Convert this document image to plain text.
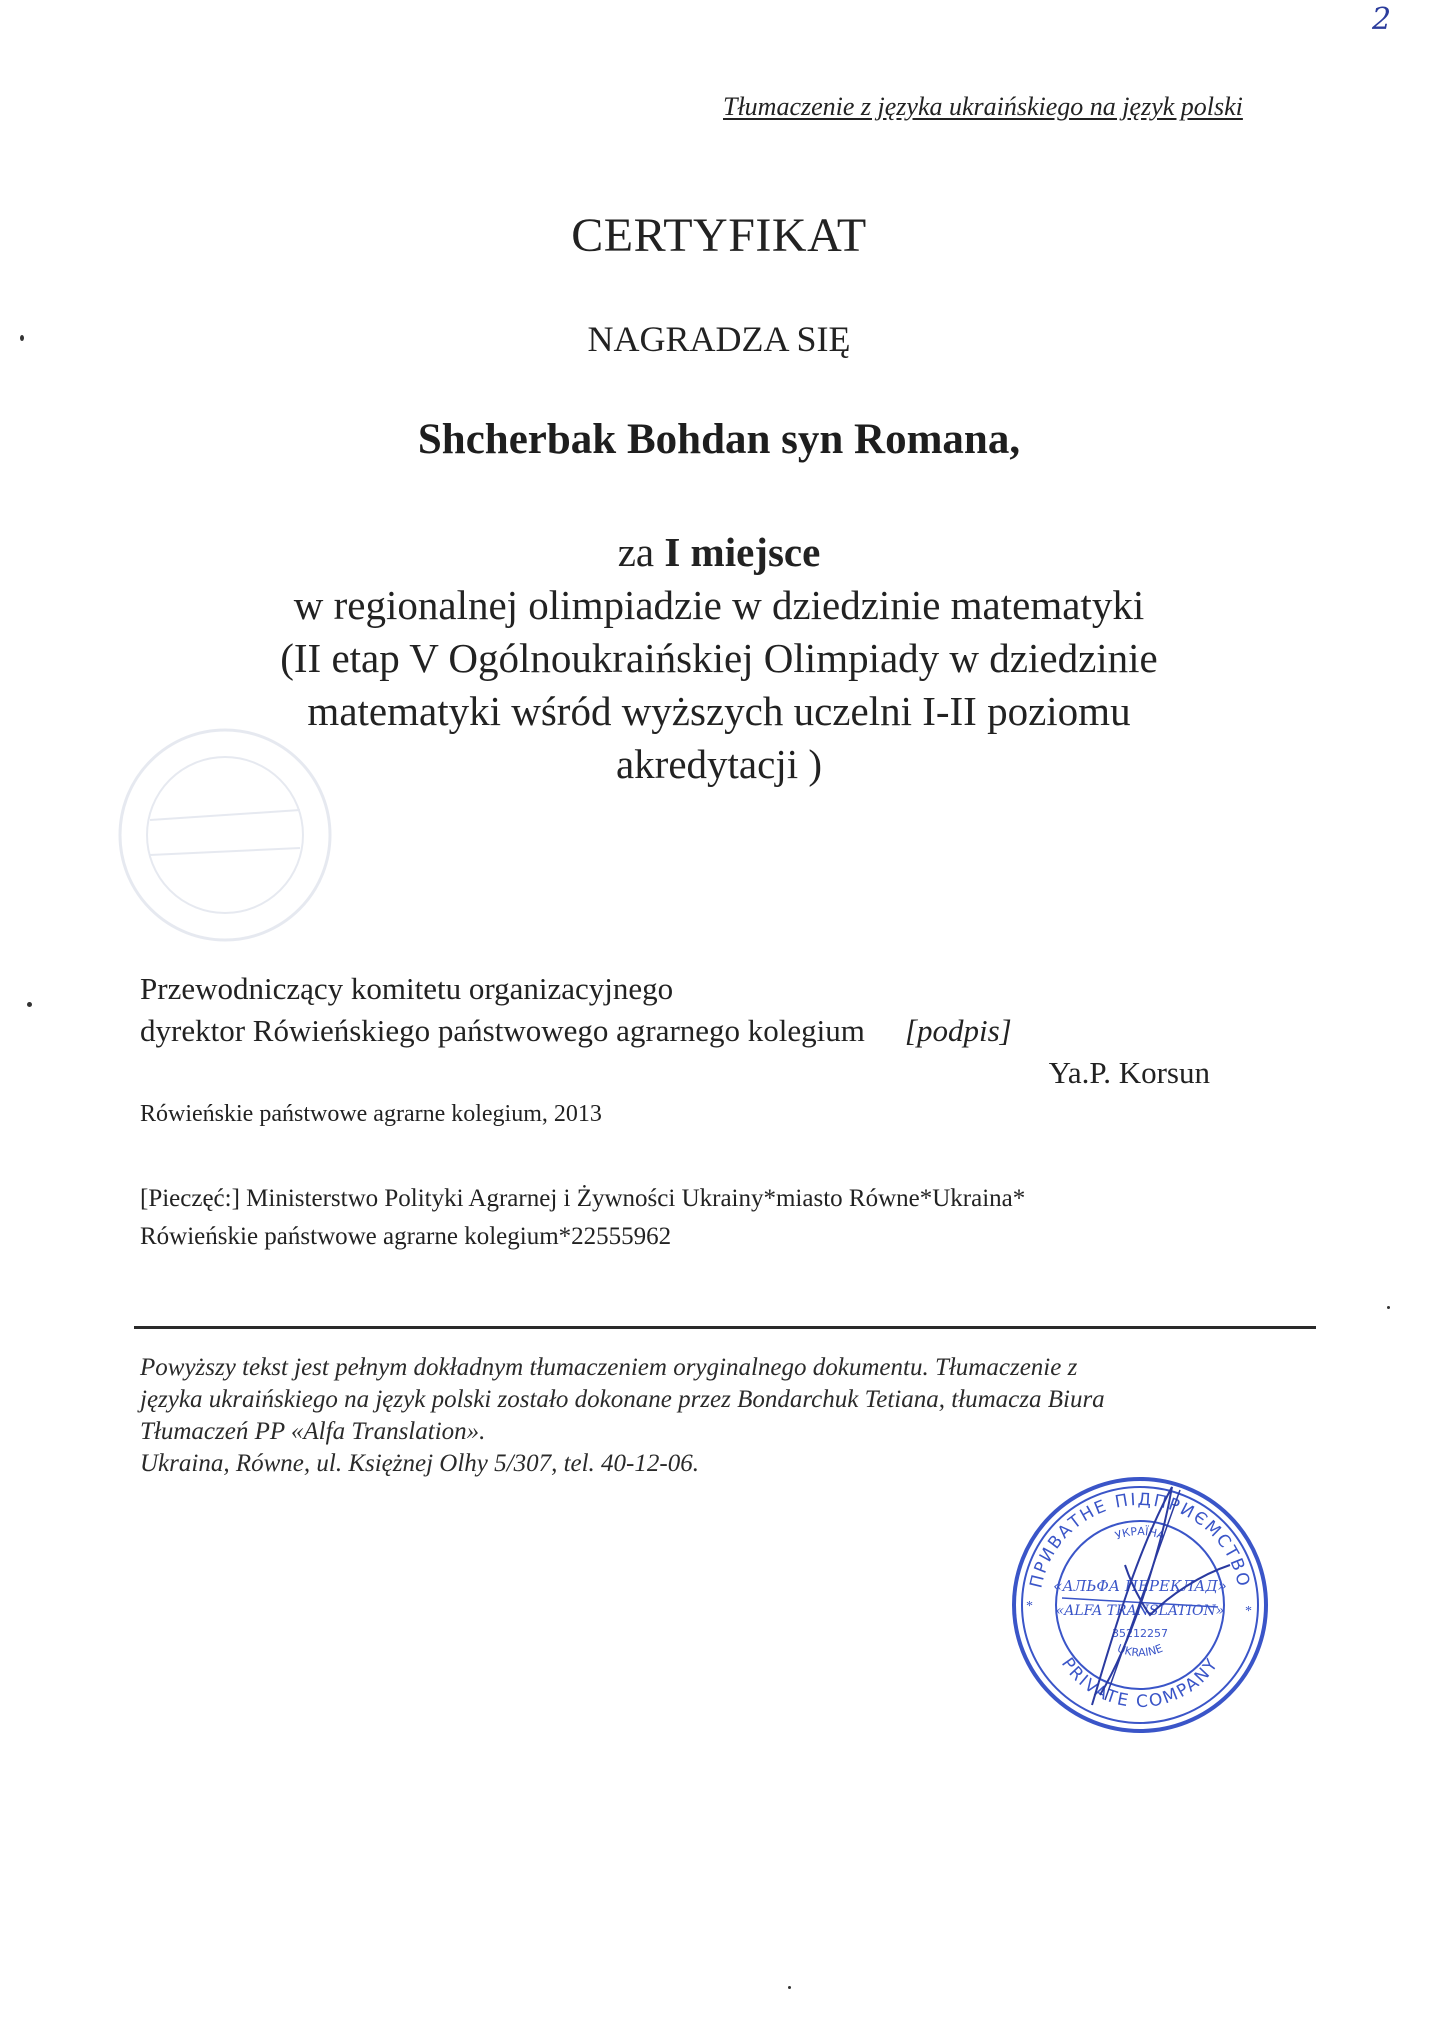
2
Tłumaczenie z języka ukraińskiego na język polski
CERTYFIKAT
NAGRADZA SIĘ
Shcherbak Bohdan syn Romana,
za I miejsce
w regionalnej olimpiadzie w dziedzinie matematyki
(II etap V Ogólnoukraińskiej Olimpiady w dziedzinie
matematyki wśród wyższych uczelni I-II poziomu
akredytacji )
Przewodniczący komitetu organizacyjnego
dyrektor Rówieńskiego państwowego agrarnego kolegium [podpis]
Ya.P. Korsun
Rówieńskie państwowe agrarne kolegium, 2013
[Pieczęć:] Ministerstwo Polityki Agrarnej i Żywności Ukrainy*miasto Równe*Ukraina*
Rówieńskie państwowe agrarne kolegium*22555962
Powyższy tekst jest pełnym dokładnym tłumaczeniem oryginalnego dokumentu. Tłumaczenie z
języka ukraińskiego na język polski zostało dokonane przez Bondarchuk Tetiana, tłumacza Biura
Tłumaczeń PP «Alfa Translation».
Ukraina, Równe, ul. Księżnej Olhy 5/307, tel. 40-12-06.
ПРИВАТНЕ ПІДПРИЄМСТВО
PRIVATE COMPANY
УКРАЇНА
UKRAINE
«АЛЬФА ПЕРЕКЛАД»
«ALFA TRANSLATION»
35212257
*	*
